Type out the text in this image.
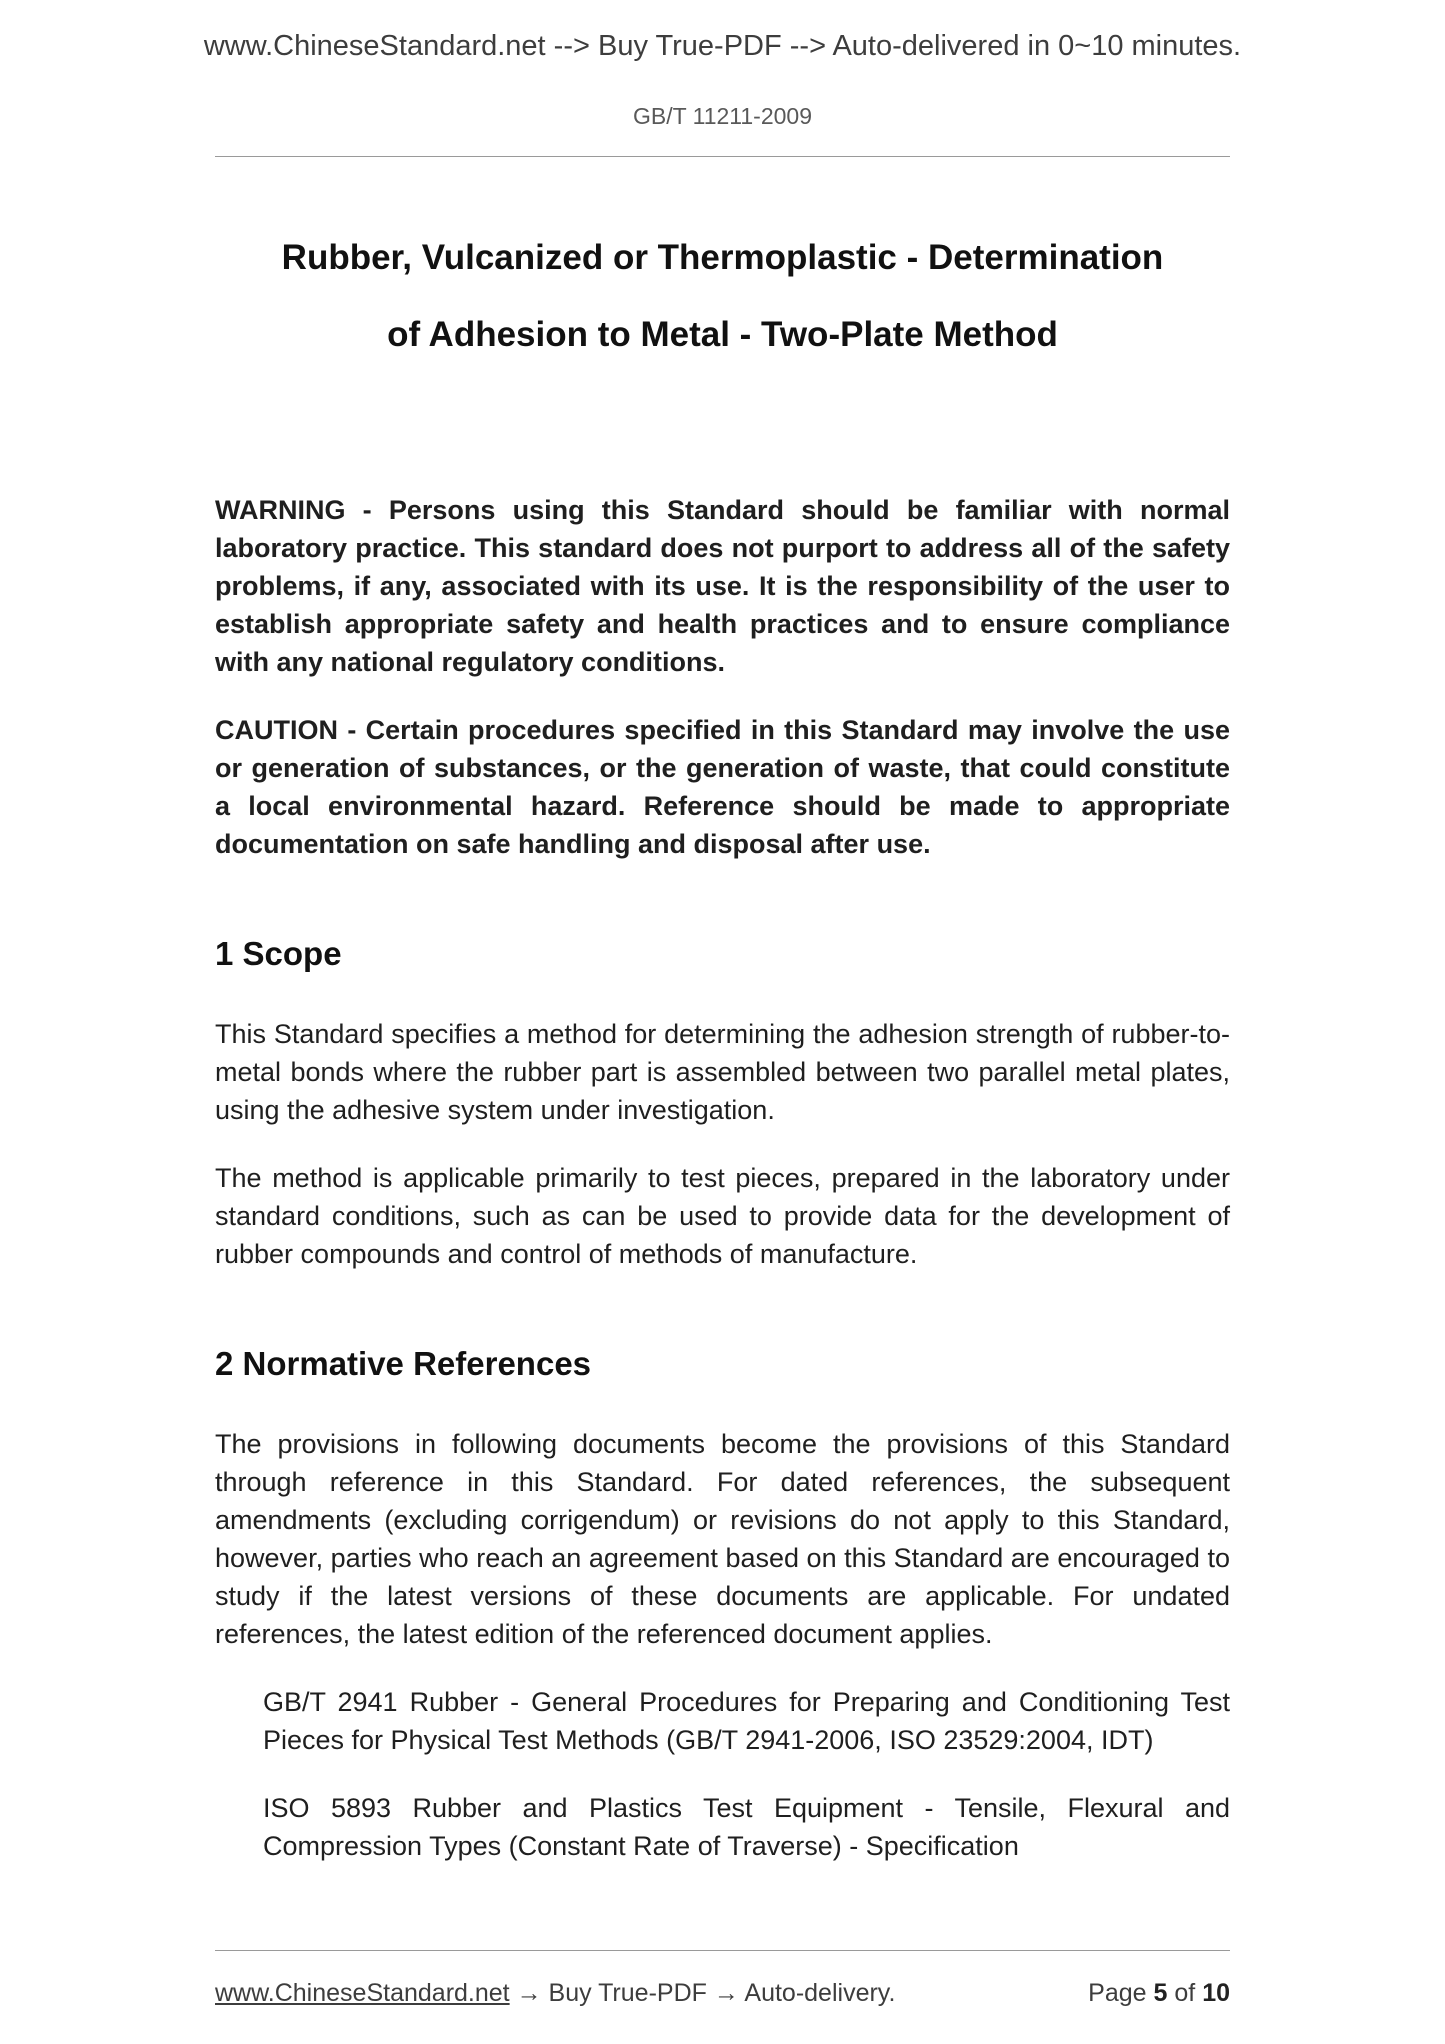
www.ChineseStandard.net --> Buy True-PDF --> Auto-delivered in 0~10 minutes.
GB/T 11211-2009
Rubber, Vulcanized or Thermoplastic - Determination
of Adhesion to Metal - Two-Plate Method

WARNING - Persons using this Standard should be familiar with normal laboratory practice. This standard does not purport to address all of the safety problems, if any, associated with its use. It is the responsibility of the user to establish appropriate safety and health practices and to ensure compliance with any national regulatory conditions.

CAUTION - Certain procedures specified in this Standard may involve the use or generation of substances, or the generation of waste, that could constitute a local environmental hazard. Reference should be made to appropriate documentation on safe handling and disposal after use.

1 Scope

This Standard specifies a method for determining the adhesion strength of rubber-to-metal bonds where the rubber part is assembled between two parallel metal plates, using the adhesive system under investigation.

The method is applicable primarily to test pieces, prepared in the laboratory under standard conditions, such as can be used to provide data for the development of rubber compounds and control of methods of manufacture.

2 Normative References

The provisions in following documents become the provisions of this Standard through reference in this Standard. For dated references, the subsequent amendments (excluding corrigendum) or revisions do not apply to this Standard, however, parties who reach an agreement based on this Standard are encouraged to study if the latest versions of these documents are applicable. For undated references, the latest edition of the referenced document applies.

GB/T 2941 Rubber - General Procedures for Preparing and Conditioning Test Pieces for Physical Test Methods (GB/T 2941-2006, ISO 23529:2004, IDT)

ISO 5893 Rubber and Plastics Test Equipment - Tensile, Flexural and Compression Types (Constant Rate of Traverse) - Specification

www.ChineseStandard.net → Buy True-PDF → Auto-delivery.	Page 5 of 10
